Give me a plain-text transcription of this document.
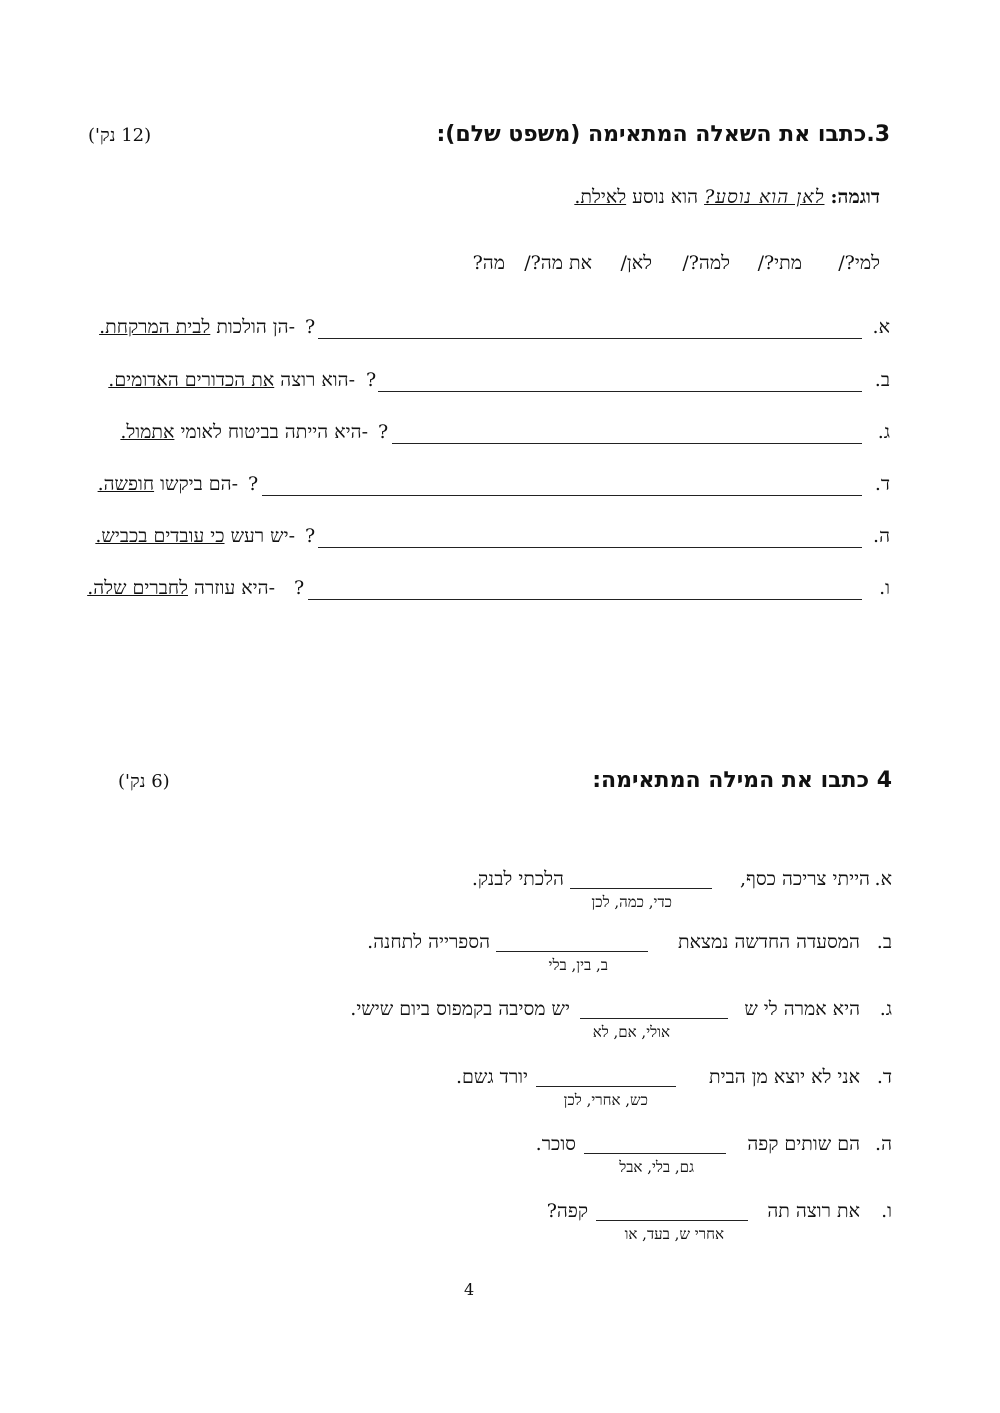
3.כתבו את השאלה המתאימה (משפט שלם):
(12 נק')
דוגמה: לאן הוא נוסע? הוא נוסע לאילת.
למי?/
מתי?/
למה?/
לאן/
את מה?/
מה?
א.
?
-הן הולכות לבית המרקחת.
ב.
?
-הוא רוצה את הכדורים האדומים.
ג.
?
-היא הייתה בביטוח לאומי אתמול.
ד.
?
-הם ביקשו חופשה.
ה.
?
-יש רעש כי עובדים בכביש.
ו.
?
-היא עוזרה לחברים שלה.
4 כתבו את המילה המתאימה:
(6 נק')
א.
הייתי צריכה כסף,
הלכתי לבנק.
כדי, כמה, לכן
ב.
המסעדה החדשה נמצאת
הספרייה לתחנה.
ב, בין, בלי
ג.
היא אמרה לי ש
יש מסיבה בקמפוס ביום שישי.
אולי, אם, לא
ד.
אני לא יוצא מן הבית
יורד גשם.
כש, אחרי, לכן
ה.
הם שותים קפה
סוכר.
גם, בלי, אבל
ו.
את רוצה תה
קפה?
אחרי ש, בעד, או
4
